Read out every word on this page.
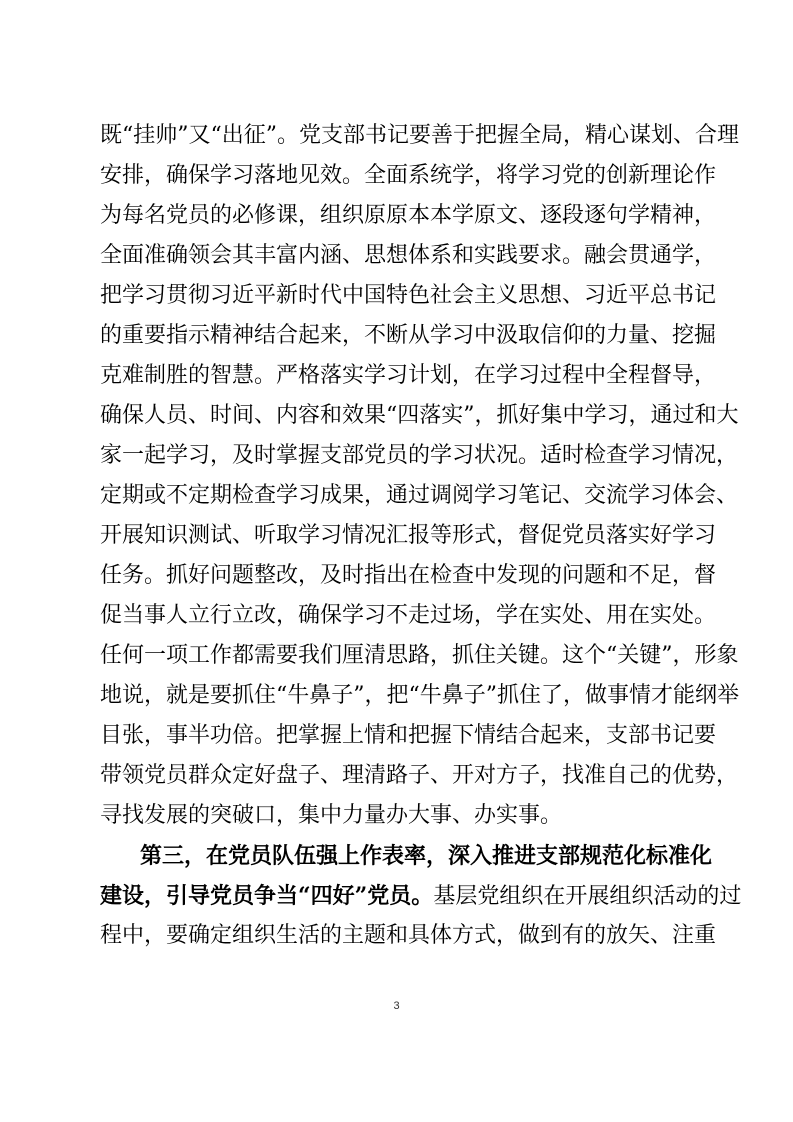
既“挂帅”又“出征”。党支部书记要善于把握全局，精心谋划、合理
安排，确保学习落地见效。全面系统学，将学习党的创新理论作
为每名党员的必修课，组织原原本本学原文、逐段逐句学精神，
全面准确领会其丰富内涵、思想体系和实践要求。融会贯通学，
把学习贯彻习近平新时代中国特色社会主义思想、习近平总书记
的重要指示精神结合起来，不断从学习中汲取信仰的力量、挖掘
克难制胜的智慧。严格落实学习计划，在学习过程中全程督导，
确保人员、时间、内容和效果“四落实”，抓好集中学习，通过和大
家一起学习，及时掌握支部党员的学习状况。适时检查学习情况，
定期或不定期检查学习成果，通过调阅学习笔记、交流学习体会、
开展知识测试、听取学习情况汇报等形式，督促党员落实好学习
任务。抓好问题整改，及时指出在检查中发现的问题和不足，督
促当事人立行立改，确保学习不走过场，学在实处、用在实处。
任何一项工作都需要我们厘清思路，抓住关键。这个“关键”，形象
地说，就是要抓住“牛鼻子”，把“牛鼻子”抓住了，做事情才能纲举
目张，事半功倍。把掌握上情和把握下情结合起来，支部书记要
带领党员群众定好盘子、理清路子、开对方子，找准自己的优势，
寻找发展的突破口，集中力量办大事、办实事。
第三，在党员队伍强上作表率，深入推进支部规范化标准化
建设，引导党员争当“四好”党员。基层党组织在开展组织活动的过
程中，要确定组织生活的主题和具体方式，做到有的放矢、注重
3
